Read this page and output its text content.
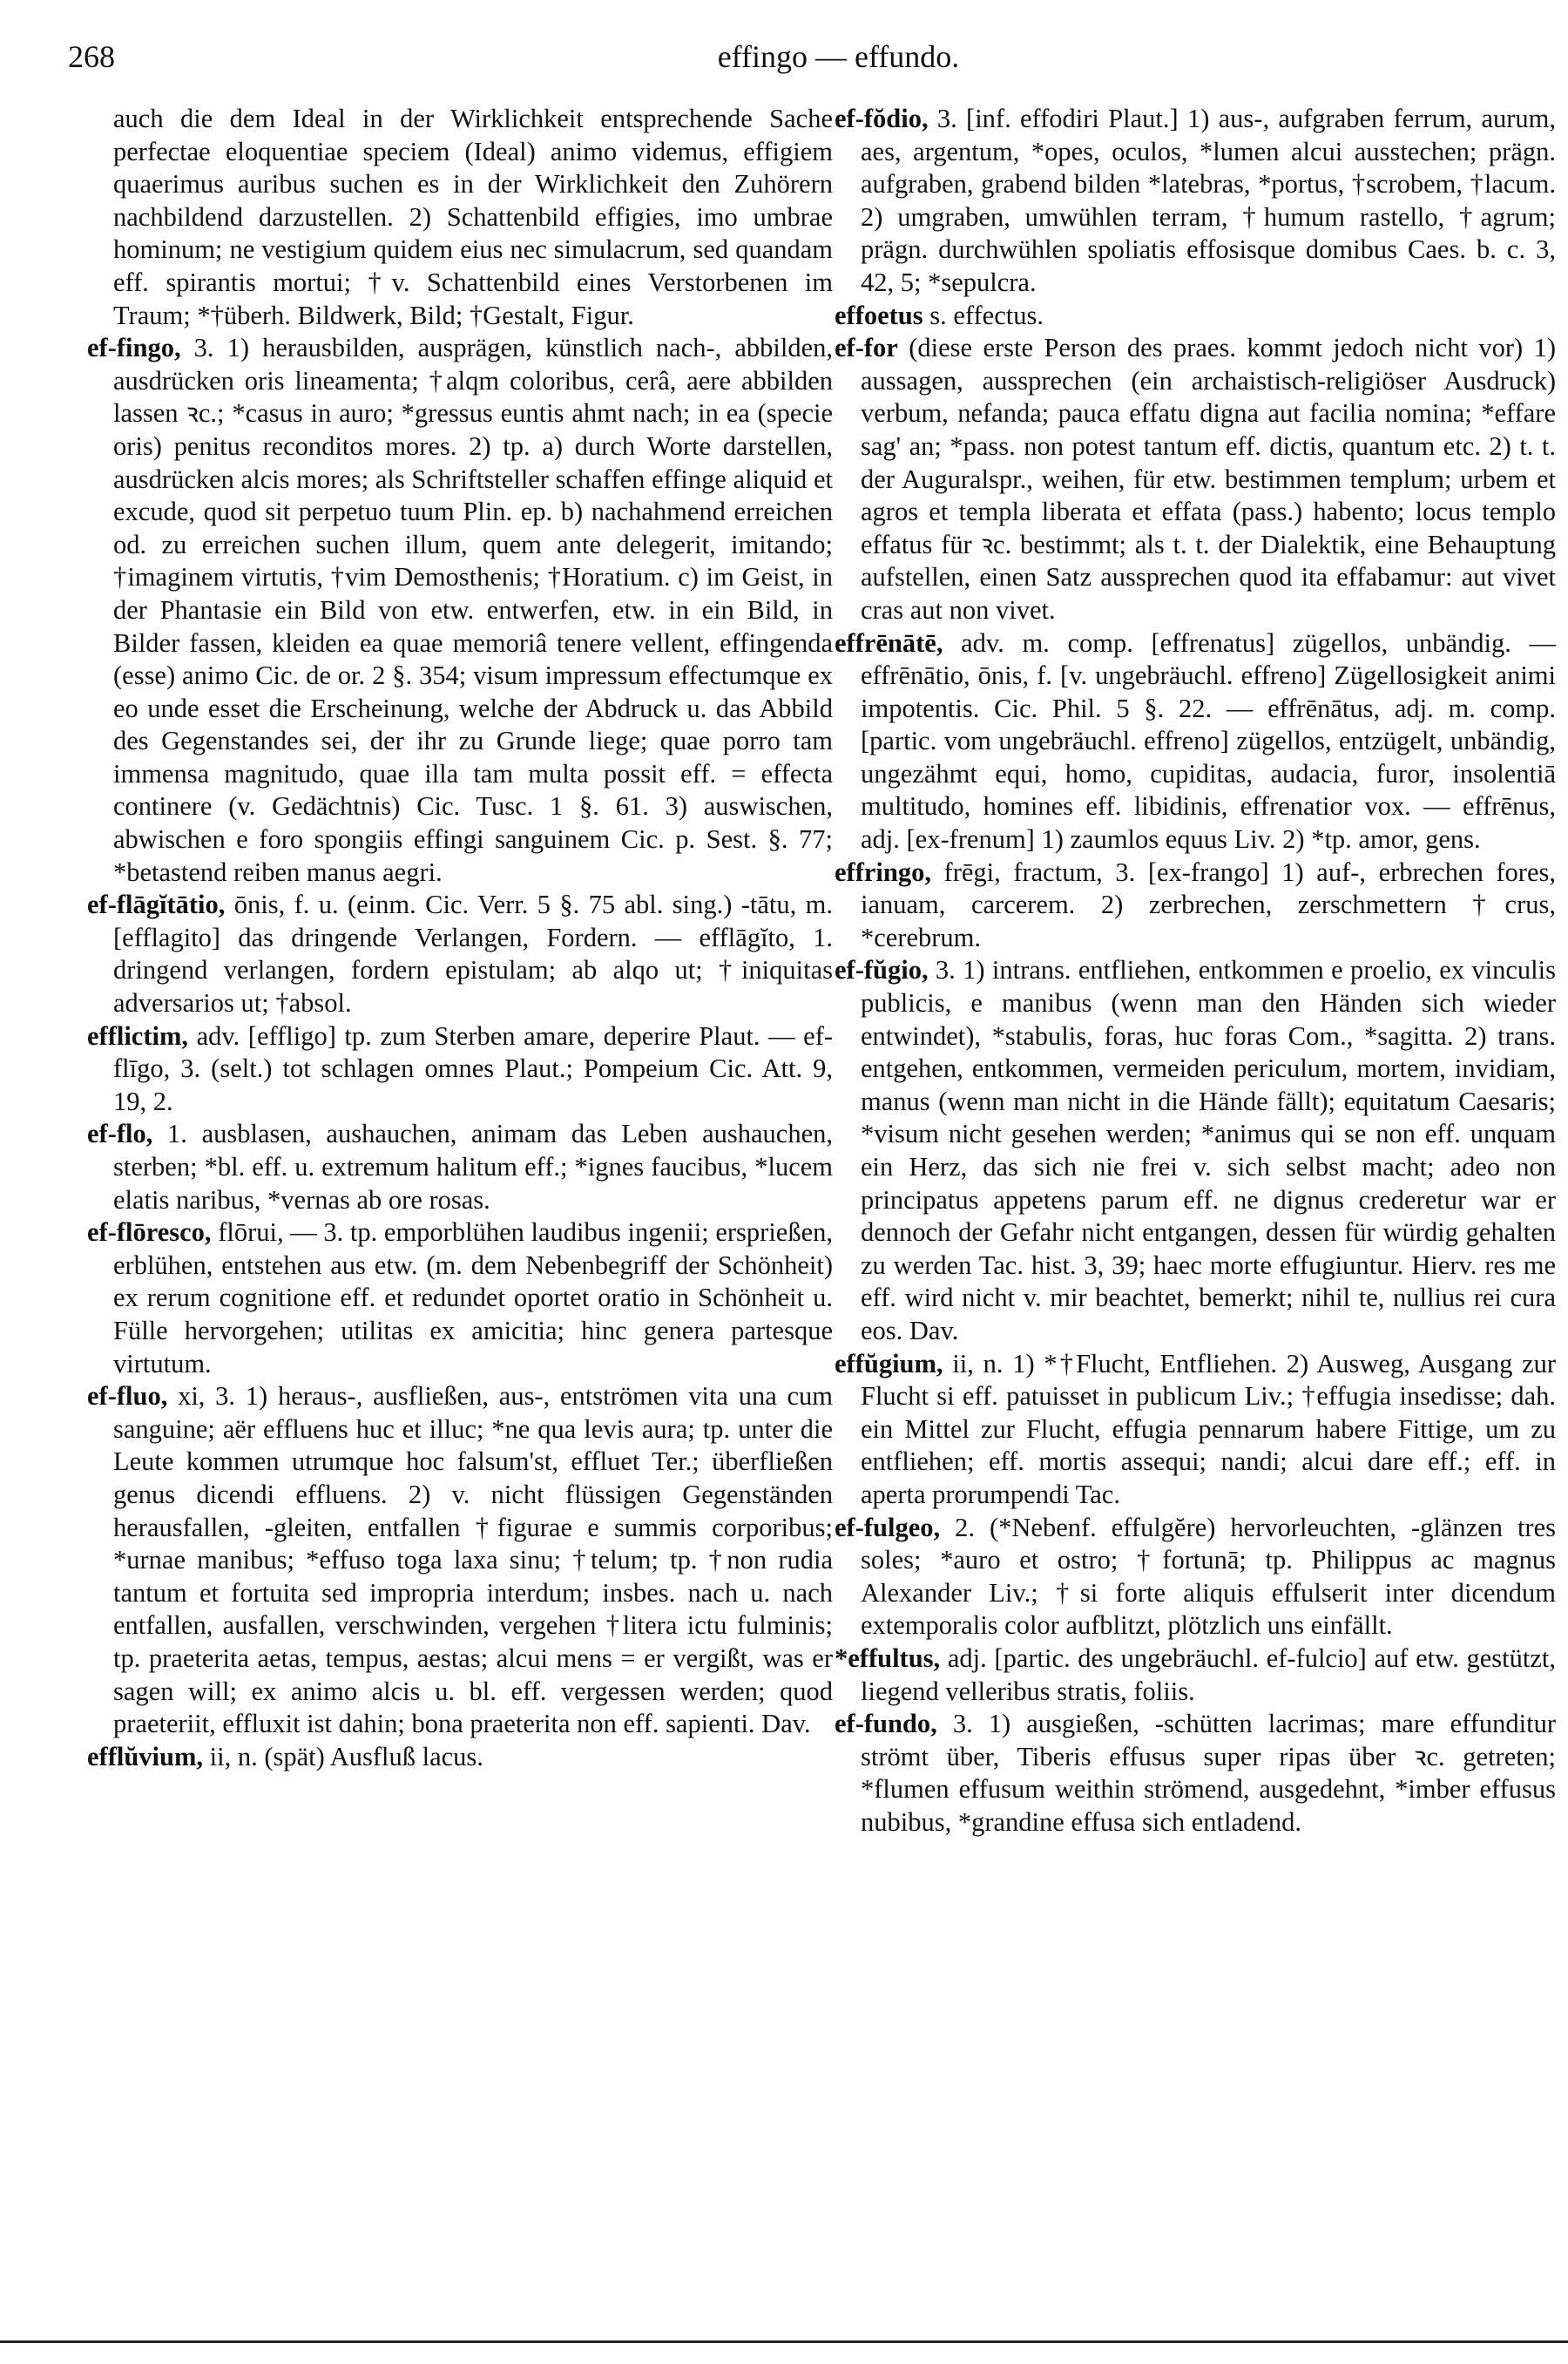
268	effingo — effundo.

auch die dem Ideal in der Wirklichkeit entsprechende Sache perfectae eloquentiae speciem (Ideal) animo videmus, effigiem quaerimus auribus suchen es in der Wirklichkeit den Zuhörern nachbildend darzustellen. 2) Schattenbild effigies, imo umbrae hominum; ne vestigium quidem eius nec simulacrum, sed quandam eff. spirantis mortui; †v. Schattenbild eines Verstorbenen im Traum; *†überh. Bildwerk, Bild; †Gestalt, Figur.

ef-fingo, 3. 1) herausbilden, ausprägen, künstlich nach-, abbilden, ausdrücken oris lineamenta; †alqm coloribus, cerâ, aere abbilden lassen ꝛc.; *casus in auro; *gressus euntis ahmt nach; in ea (specie oris) penitus reconditos mores. 2) tp. a) durch Worte darstellen, ausdrücken alcis mores; als Schriftsteller schaffen effinge aliquid et excude, quod sit perpetuo tuum Plin. ep. b) nachahmend erreichen od. zu erreichen suchen illum, quem ante delegerit, imitando; †imaginem virtutis, †vim Demosthenis; †Horatium. c) im Geist, in der Phantasie ein Bild von etw. entwerfen, etw. in ein Bild, in Bilder fassen, kleiden ea quae memoriâ tenere vellent, effingenda (esse) animo Cic. de or. 2 §. 354; visum impressum effectumque ex eo unde esset die Erscheinung, welche der Abdruck u. das Abbild des Gegenstandes sei, der ihr zu Grunde liege; quae porro tam immensa magnitudo, quae illa tam multa possit eff. = effecta continere (v. Gedächtnis) Cic. Tusc. 1 §. 61. 3) auswischen, abwischen e foro spongiis effingi sanguinem Cic. p. Sest. §. 77; *betastend reiben manus aegri.

ef-flāgĭtātio, ōnis, f. u. (einm. Cic. Verr. 5 §. 75 abl. sing.) -tātu, m. [efflagito] das dringende Verlangen, Fordern. — efflāgĭto, 1. dringend verlangen, fordern epistulam; ab alqo ut; †iniquitas adversarios ut; †absol.

efflictim, adv. [effligo] tp. zum Sterben amare, deperire Plaut. — ef-flīgo, 3. (selt.) tot schlagen omnes Plaut.; Pompeium Cic. Att. 9, 19, 2.

ef-flo, 1. ausblasen, aushauchen, animam das Leben aushauchen, sterben; *bl. eff. u. extremum halitum eff.; *ignes faucibus, *lucem elatis naribus, *vernas ab ore rosas.

ef-flōresco, flōrui, — 3. tp. emporblühen laudibus ingenii; ersprießen, erblühen, entstehen aus etw. (m. dem Nebenbegriff der Schönheit) ex rerum cognitione eff. et redundet oportet oratio in Schönheit u. Fülle hervorgehen; utilitas ex amicitia; hinc genera partesque virtutum.

ef-fluo, xi, 3. 1) heraus-, ausfließen, aus-, entströmen vita una cum sanguine; aër effluens huc et illuc; *ne qua levis aura; tp. unter die Leute kommen utrumque hoc falsum'st, effluet Ter.; überfließen genus dicendi effluens. 2) v. nicht flüssigen Gegenständen herausfallen, -gleiten, entfallen †figurae e summis corporibus; *urnae manibus; *effuso toga laxa sinu; †telum; tp. †non rudia tantum et fortuita sed impropria interdum; insbes. nach u. nach entfallen, ausfallen, verschwinden, vergehen †litera ictu fulminis; tp. praeterita aetas, tempus, aestas; alcui mens = er vergißt, was er sagen will; ex animo alcis u. bl. eff. vergessen werden; quod praeteriit, effluxit ist dahin; bona praeterita non eff. sapienti. Dav.

efflŭvium, ii, n. (spät) Ausfluß lacus.

ef-fŏdio, 3. [inf. effodiri Plaut.] 1) aus-, aufgraben ferrum, aurum, aes, argentum, *opes, oculos, *lumen alcui ausstechen; prägn. aufgraben, grabend bilden *latebras, *portus, †scrobem, †lacum. 2) umgraben, umwühlen terram, †humum rastello, †agrum; prägn. durchwühlen spoliatis effosisque domibus Caes. b. c. 3, 42, 5; *sepulcra.

effoetus s. effectus.

ef-for (diese erste Person des praes. kommt jedoch nicht vor) 1) aussagen, aussprechen (ein archaistisch-religiöser Ausdruck) verbum, nefanda; pauca effatu digna aut facilia nomina; *effare sag' an; *pass. non potest tantum eff. dictis, quantum etc. 2) t. t. der Auguralspr., weihen, für etw. bestimmen templum; urbem et agros et templa liberata et effata (pass.) habento; locus templo effatus für ꝛc. bestimmt; als t. t. der Dialektik, eine Behauptung aufstellen, einen Satz aussprechen quod ita effabamur: aut vivet cras aut non vivet.

effrēnātē, adv. m. comp. [effrenatus] zügellos, unbändig. — effrēnātio, ōnis, f. [v. ungebräuchl. effreno] Zügellosigkeit animi impotentis. Cic. Phil. 5 §. 22. — effrēnātus, adj. m. comp. [partic. vom ungebräuchl. effreno] zügellos, entzügelt, unbändig, ungezähmt equi, homo, cupiditas, audacia, furor, insolentiā multitudo, homines eff. libidinis, effrenatior vox. — effrēnus, adj. [ex-frenum] 1) zaumlos equus Liv. 2) *tp. amor, gens.

effringo, frēgi, fractum, 3. [ex-frango] 1) auf-, erbrechen fores, ianuam, carcerem. 2) zerbrechen, zerschmettern †crus, *cerebrum.

ef-fŭgio, 3. 1) intrans. entfliehen, entkommen e proelio, ex vinculis publicis, e manibus (wenn man den Händen sich wieder entwindet), *stabulis, foras, huc foras Com., *sagitta. 2) trans. entgehen, entkommen, vermeiden periculum, mortem, invidiam, manus (wenn man nicht in die Hände fällt); equitatum Caesaris; *visum nicht gesehen werden; *animus qui se non eff. unquam ein Herz, das sich nie frei v. sich selbst macht; adeo non principatus appetens parum eff. ne dignus crederetur war er dennoch der Gefahr nicht entgangen, dessen für würdig gehalten zu werden Tac. hist. 3, 39; haec morte effugiuntur. Hierv. res me eff. wird nicht v. mir beachtet, bemerkt; nihil te, nullius rei cura eos. Dav.

effŭgium, ii, n. 1) *†Flucht, Entfliehen. 2) Ausweg, Ausgang zur Flucht si eff. patuisset in publicum Liv.; †effugia insedisse; dah. ein Mittel zur Flucht, effugia pennarum habere Fittige, um zu entfliehen; eff. mortis assequi; nandi; alcui dare eff.; eff. in aperta prorumpendi Tac.

ef-fulgeo, 2. (*Nebenf. effulgĕre) hervorleuchten, -glänzen tres soles; *auro et ostro; †fortunā; tp. Philippus ac magnus Alexander Liv.; †si forte aliquis effulserit inter dicendum extemporalis color aufblitzt, plötzlich uns einfällt.

*effultus, adj. [partic. des ungebräuchl. ef-fulcio] auf etw. gestützt, liegend velleribus stratis, foliis.

ef-fundo, 3. 1) ausgießen, -schütten lacrimas; mare effunditur strömt über, Tiberis effusus super ripas über ꝛc. getreten; *flumen effusum weithin strömend, ausgedehnt, *imber effusus nubibus, *grandine effusa sich entladend.
